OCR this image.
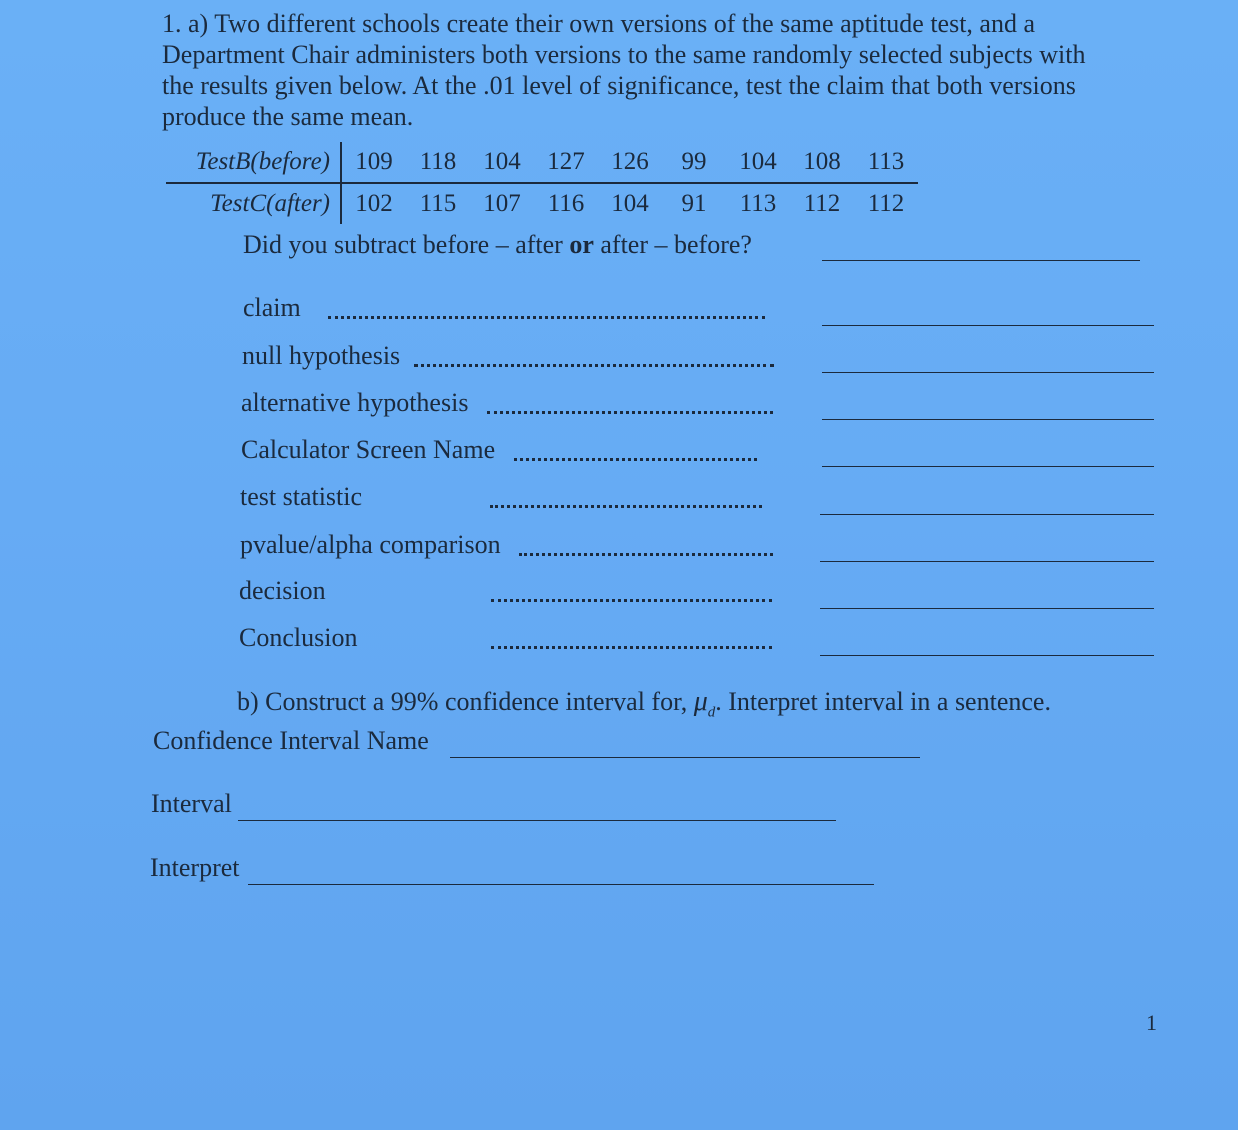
1. a) Two different schools create their own versions of the same aptitude test, and a

Department Chair administers both versions to the same randomly selected subjects with

the results given below. At the .01 level of significance, test the claim that both versions

produce the same mean.

TestB(before)	109	118	104	127	126	99	104	108	113
TestC(after)	102	115	107	116	104	91	113	112	112
Did you subtract before – after or after – before?
claim
null hypothesis
alternative hypothesis
Calculator Screen Name
test statistic
pvalue/alpha comparison
decision
Conclusion
b) Construct a 99% confidence interval for, $\mu_d$. Interpret interval in a sentence.
Confidence Interval Name
Interval
Interpret
1
